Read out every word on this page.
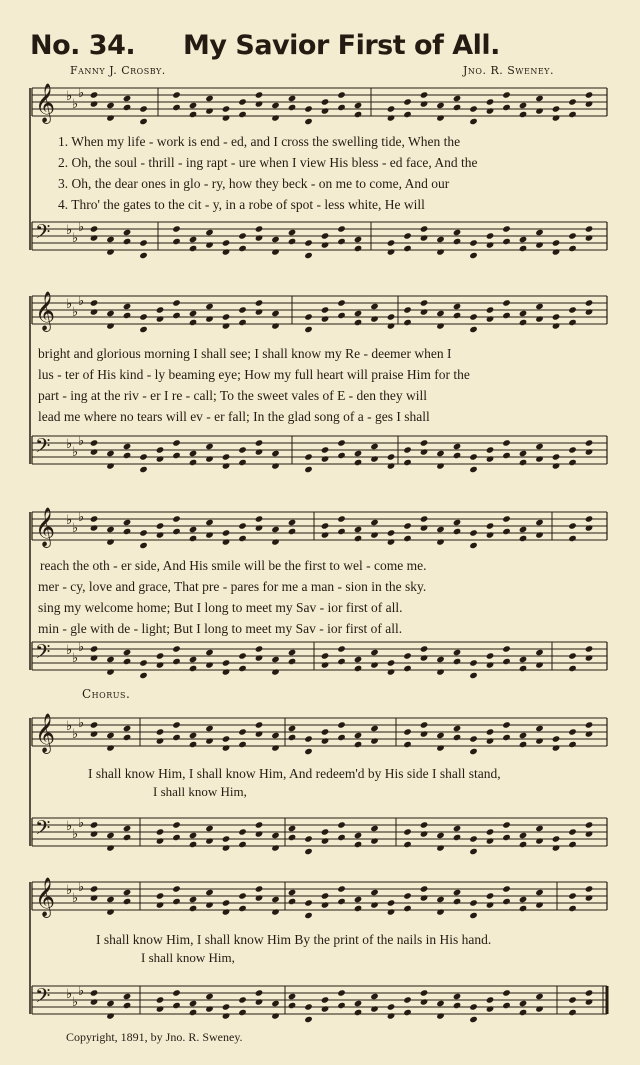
No. 34. My Savior First of All.
Fanny J. Crosby.	Jno. R. Sweney.
𝄞 ♭
♭
♭
𝄢 ♭
♭
♭
𝄞 ♭
♭
♭
𝄢 ♭
♭
♭
𝄞 ♭
♭
♭
𝄢 ♭
♭
♭
𝄞 ♭
♭
♭
𝄢 ♭
♭
♭
𝄞 ♭
♭
♭
𝄢 ♭
♭
♭
1. When my life - work is end - ed, and I cross the swelling tide, When the
2. Oh, the soul - thrill - ing rapt - ure when I view His bless - ed face, And the
3. Oh, the dear ones in glo - ry, how they beck - on me to come, And our
4. Thro' the gates to the cit - y, in a robe of spot - less white, He will
bright and glorious morning I shall see; I shall know my Re - deemer when I
lus - ter of His kind - ly beaming eye; How my full heart will praise Him for the
part - ing at the riv - er I re - call; To the sweet vales of E - den they will
lead me where no tears will ev - er fall; In the glad song of a - ges I shall
reach the oth - er side, And His smile will be the first to wel - come me.
mer - cy, love and grace, That pre - pares for me a man - sion in the sky.
sing my welcome home; But I long to meet my Sav - ior first of all.
min - gle with de - light; But I long to meet my Sav - ior first of all.
Chorus.
I shall know Him, I shall know Him, And redeem'd by His side I shall stand,
I shall know Him,
I shall know Him, I shall know Him By the print of the nails in His hand.
I shall know Him,
Copyright, 1891, by Jno. R. Sweney.
